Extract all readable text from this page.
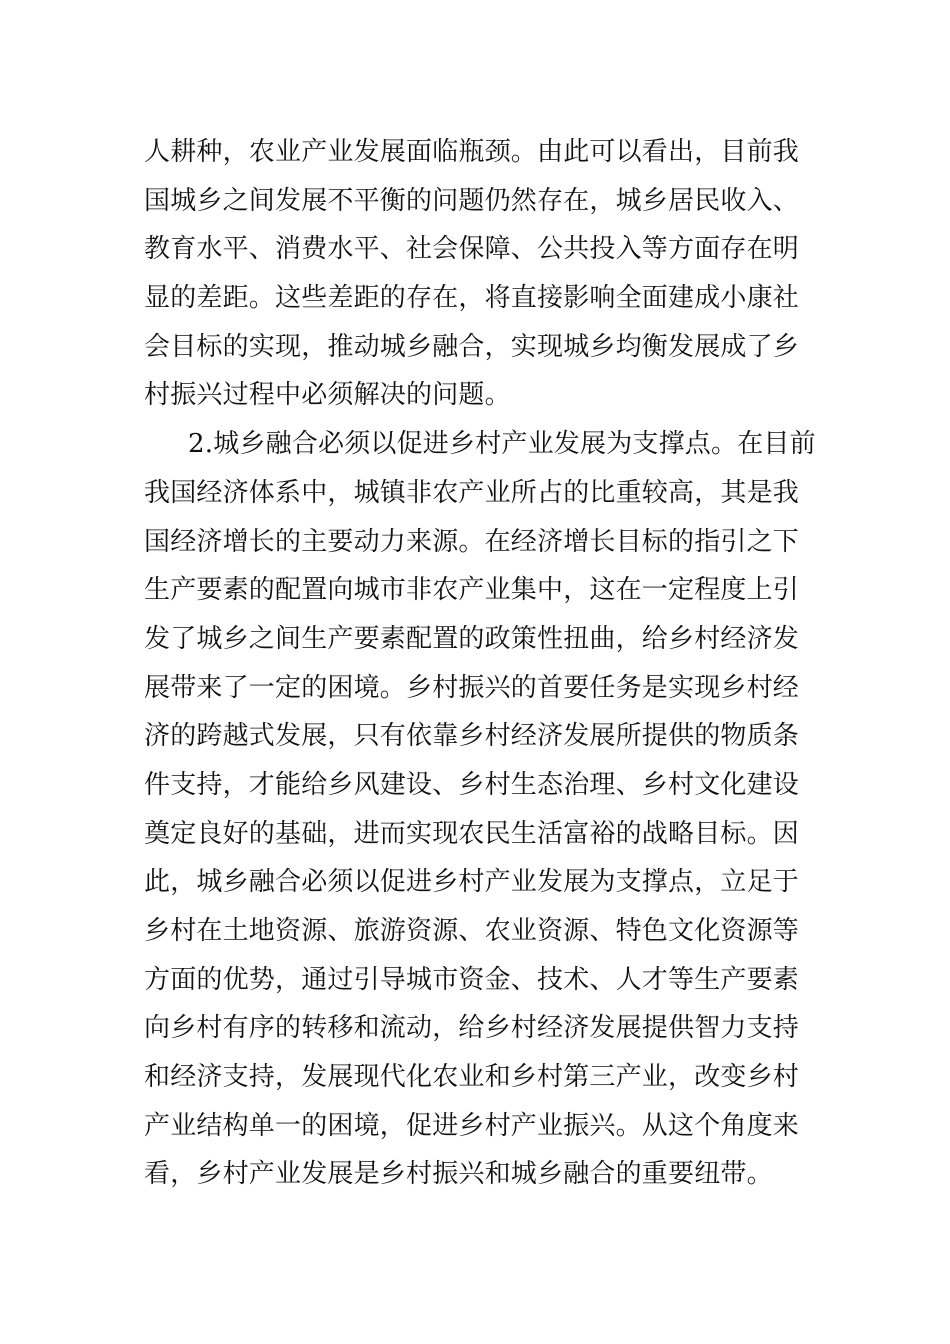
人耕种，农业产业发展面临瓶颈。由此可以看出，目前我
国城乡之间发展不平衡的问题仍然存在，城乡居民收入、
教育水平、消费水平、社会保障、公共投入等方面存在明
显的差距。这些差距的存在，将直接影响全面建成小康社
会目标的实现，推动城乡融合，实现城乡均衡发展成了乡
村振兴过程中必须解决的问题。
2.城乡融合必须以促进乡村产业发展为支撑点。在目前
我国经济体系中，城镇非农产业所占的比重较高，其是我
国经济增长的主要动力来源。在经济增长目标的指引之下
生产要素的配置向城市非农产业集中，这在一定程度上引
发了城乡之间生产要素配置的政策性扭曲，给乡村经济发
展带来了一定的困境。乡村振兴的首要任务是实现乡村经
济的跨越式发展，只有依靠乡村经济发展所提供的物质条
件支持，才能给乡风建设、乡村生态治理、乡村文化建设
奠定良好的基础，进而实现农民生活富裕的战略目标。因
此，城乡融合必须以促进乡村产业发展为支撑点，立足于
乡村在土地资源、旅游资源、农业资源、特色文化资源等
方面的优势，通过引导城市资金、技术、人才等生产要素
向乡村有序的转移和流动，给乡村经济发展提供智力支持
和经济支持，发展现代化农业和乡村第三产业，改变乡村
产业结构单一的困境，促进乡村产业振兴。从这个角度来
看，乡村产业发展是乡村振兴和城乡融合的重要纽带。
